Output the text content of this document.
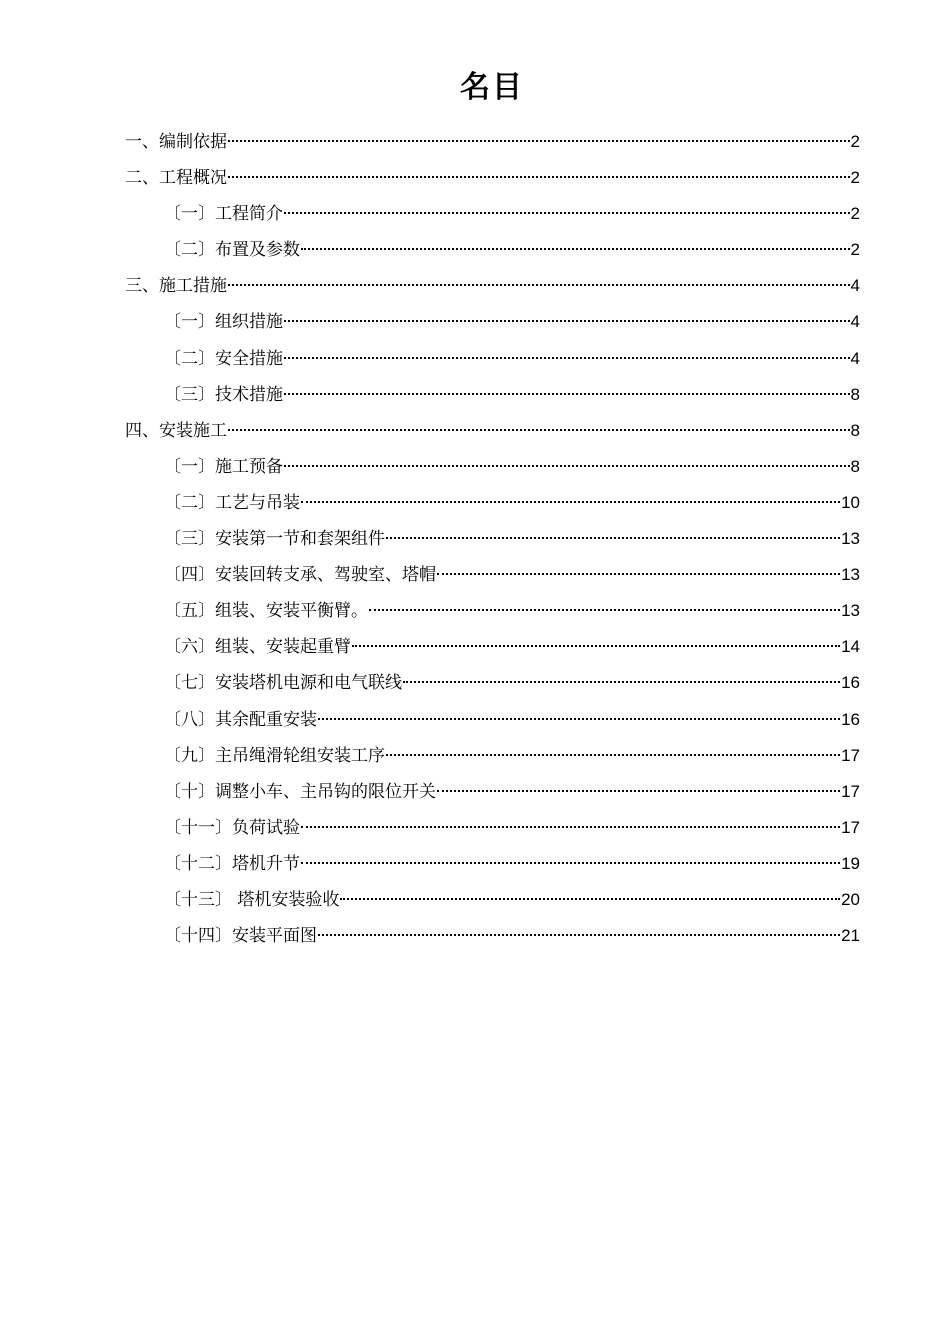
名目
一、编制依据	2
二、工程概况	2
〔一〕工程简介	2
〔二〕布置及参数	2
三、施工措施	4
〔一〕组织措施	4
〔二〕安全措施	4
〔三〕技术措施	8
四、安装施工	8
〔一〕施工预备	8
〔二〕工艺与吊装	10
〔三〕安装第一节和套架组件	13
〔四〕安装回转支承、驾驶室、塔帽	13
〔五〕组装、安装平衡臂。	13
〔六〕组装、安装起重臂	14
〔七〕安装塔机电源和电气联线	16
〔八〕其余配重安装	16
〔九〕主吊绳滑轮组安装工序	17
〔十〕调整小车、主吊钩的限位开关	17
〔十一〕负荷试验	17
〔十二〕塔机升节	19
〔十三〕 塔机安装验收	20
〔十四〕安装平面图	21
